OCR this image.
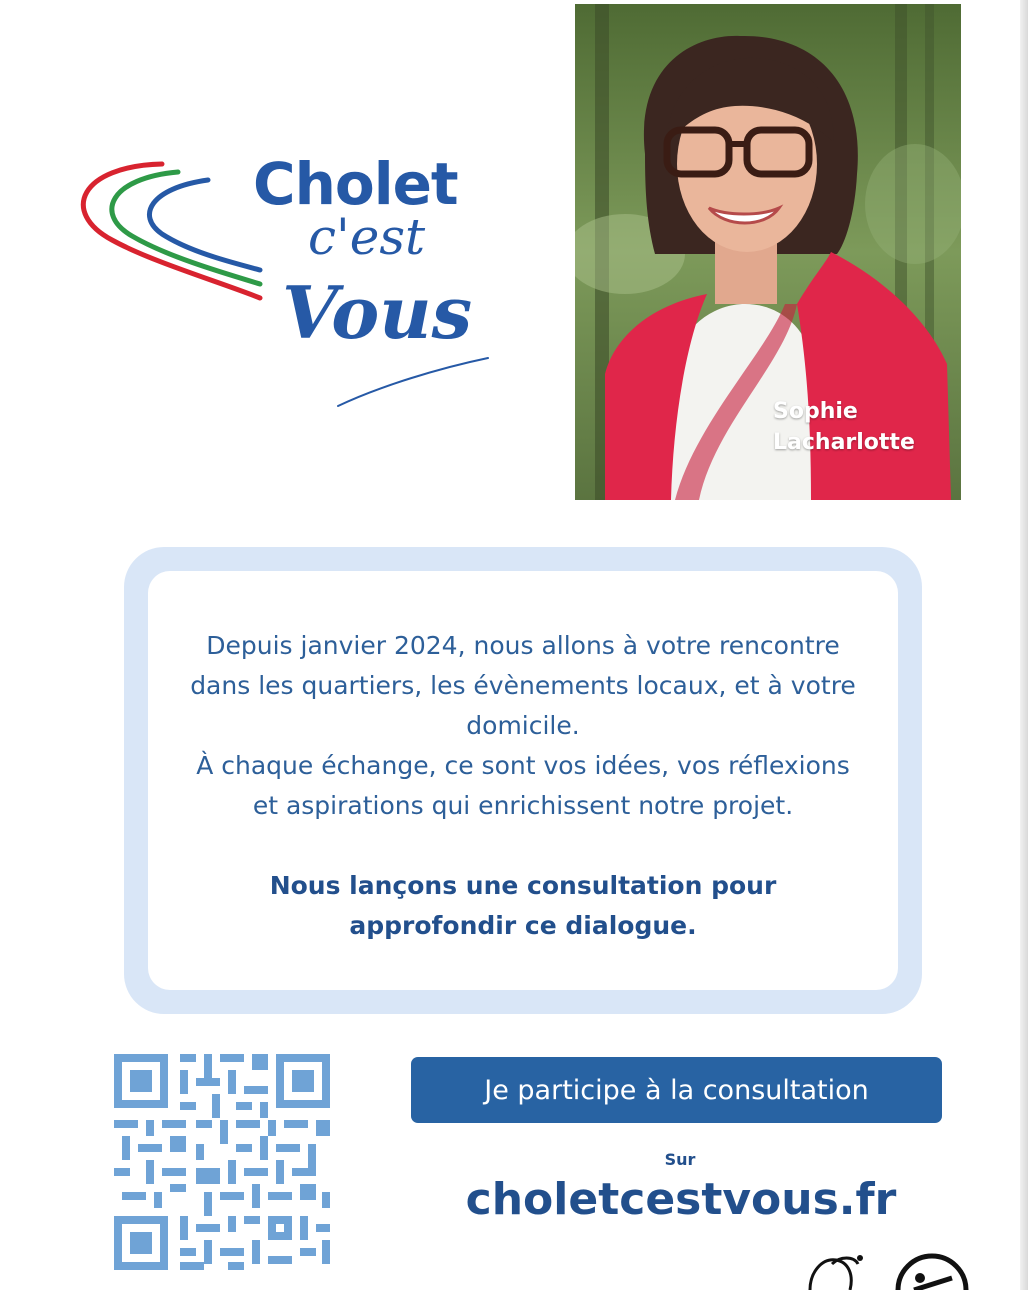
Cholet
c'est
Vous
Sophie
Lacharlotte

Depuis janvier 2024, nous allons à votre rencontre dans les quartiers, les évènements locaux, et à votre domicile.

À chaque échange, ce sont vos idées, vos réflexions et aspirations qui enrichissent notre projet.

Nous lançons une consultation pour approfondir ce dialogue.

Je participe à la consultation
Sur
choletcestvous.fr
